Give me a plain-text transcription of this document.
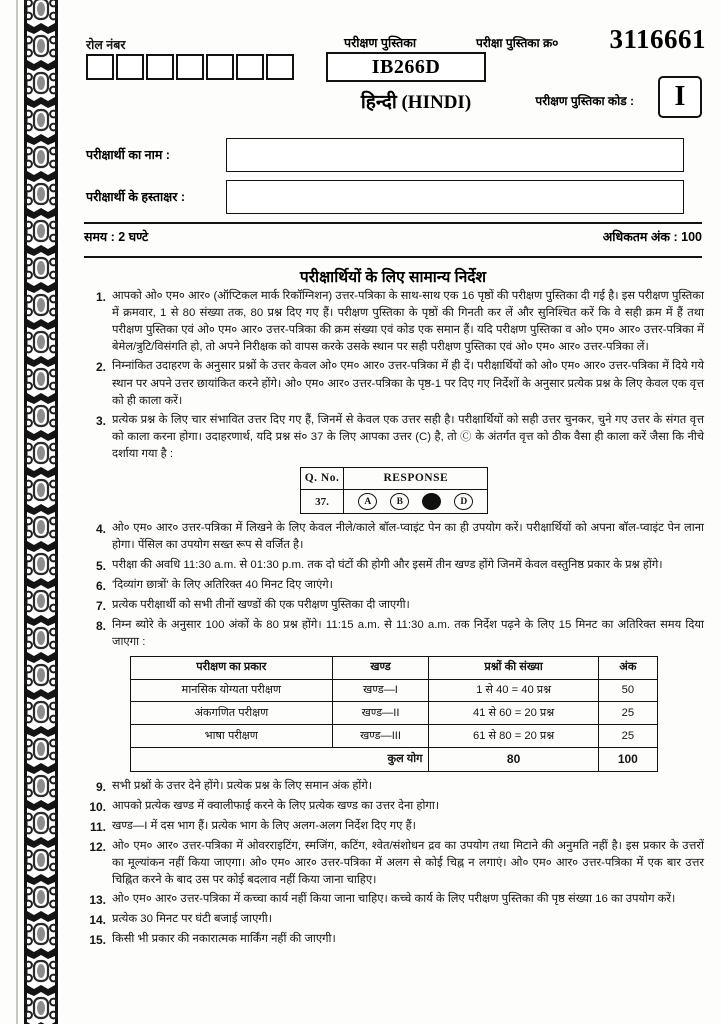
रोल नंबर	परीक्षण पुस्तिका
IB266D
हिन्दी (HINDI)
परीक्षा पुस्तिका क्र० 3116661
परीक्षण पुस्तिका कोड :	I
परीक्षार्थी का नाम :
परीक्षार्थी के हस्ताक्षर :
समय : 2 घण्टे	अधिकतम अंक : 100
परीक्षार्थियों के लिए सामान्य निर्देश
1. आपको ओ० एम० आर० (ऑप्टिकल मार्क रिकॉग्निशन) उत्तर-पत्रिका के साथ-साथ एक 16 पृष्ठों की परीक्षण पुस्तिका दी गई है। इस परीक्षण पुस्तिका में क्रमवार, 1 से 80 संख्या तक, 80 प्रश्न दिए गए हैं। परीक्षण पुस्तिका के पृष्ठों की गिनती कर लें और सुनिश्चित करें कि वे सही क्रम में हैं तथा परीक्षण पुस्तिका एवं ओ० एम० आर० उत्तर-पत्रिका की क्रम संख्या एवं कोड एक समान हैं। यदि परीक्षण पुस्तिका व ओ० एम० आर० उत्तर-पत्रिका में बेमेल/त्रुटि/विसंगति हो, तो अपने निरीक्षक को वापस करके उसके स्थान पर सही परीक्षण पुस्तिका एवं ओ० एम० आर० उत्तर-पत्रिका लें।
2. निम्नांकित उदाहरण के अनुसार प्रश्नों के उत्तर केवल ओ० एम० आर० उत्तर-पत्रिका में ही दें। परीक्षार्थियों को ओ० एम० आर० उत्तर-पत्रिका में दिये गये स्थान पर अपने उत्तर छायांकित करने होंगे। ओ० एम० आर० उत्तर-पत्रिका के पृष्ठ-1 पर दिए गए निर्देशों के अनुसार प्रत्येक प्रश्न के लिए केवल एक वृत्त को ही काला करें।
3. प्रत्येक प्रश्न के लिए चार संभावित उत्तर दिए गए हैं, जिनमें से केवल एक उत्तर सही है। परीक्षार्थियों को सही उत्तर चुनकर, चुने गए उत्तर के संगत वृत्त को काला करना होगा। उदाहरणार्थ, यदि प्रश्न सं० 37 के लिए आपका उत्तर (C) है, तो Ⓒ के अंतर्गत वृत्त को ठीक वैसा ही काला करें जैसा कि नीचे दर्शाया गया है :
Q. No.	RESPONSE
37.	A B D
4. ओ० एम० आर० उत्तर-पत्रिका में लिखने के लिए केवल नीले/काले बॉल-प्वाइंट पेन का ही उपयोग करें। परीक्षार्थियों को अपना बॉल-प्वाइंट पेन लाना होगा। पेंसिल का उपयोग सख्त रूप से वर्जित है।
5. परीक्षा की अवधि 11:30 a.m. से 01:30 p.m. तक दो घंटों की होगी और इसमें तीन खण्ड होंगे जिनमें केवल वस्तुनिष्ठ प्रकार के प्रश्न होंगे।
6. 'दिव्यांग छात्रों' के लिए अतिरिक्त 40 मिनट दिए जाएंगे।
7. प्रत्येक परीक्षार्थी को सभी तीनों खण्डों की एक परीक्षण पुस्तिका दी जाएगी।
8. निम्न ब्योरे के अनुसार 100 अंकों के 80 प्रश्न होंगे। 11:15 a.m. से 11:30 a.m. तक निर्देश पढ़ने के लिए 15 मिनट का अतिरिक्त समय दिया जाएगा :
परीक्षण का प्रकार	खण्ड	प्रश्नों की संख्या	अंक
मानसिक योग्यता परीक्षण	खण्ड—I	1 से 40 = 40 प्रश्न	50
अंकगणित परीक्षण	खण्ड—II	41 से 60 = 20 प्रश्न	25
भाषा परीक्षण	खण्ड—III	61 से 80 = 20 प्रश्न	25
	कुल योग	80	100
9. सभी प्रश्नों के उत्तर देने होंगे। प्रत्येक प्रश्न के लिए समान अंक होंगे।
10. आपको प्रत्येक खण्ड में क्वालीफाई करने के लिए प्रत्येक खण्ड का उत्तर देना होगा।
11. खण्ड—I में दस भाग हैं। प्रत्येक भाग के लिए अलग-अलग निर्देश दिए गए हैं।
12. ओ० एम० आर० उत्तर-पत्रिका में ओवरराइटिंग, स्मजिंग, कटिंग, श्वेत/संशोधन द्रव का उपयोग तथा मिटाने की अनुमति नहीं है। इस प्रकार के उत्तरों का मूल्यांकन नहीं किया जाएगा। ओ० एम० आर० उत्तर-पत्रिका में अलग से कोई चिह्न न लगाएं। ओ० एम० आर० उत्तर-पत्रिका में एक बार उत्तर चिह्नित करने के बाद उस पर कोई बदलाव नहीं किया जाना चाहिए।
13. ओ० एम० आर० उत्तर-पत्रिका में कच्चा कार्य नहीं किया जाना चाहिए। कच्चे कार्य के लिए परीक्षण पुस्तिका की पृष्ठ संख्या 16 का उपयोग करें।
14. प्रत्येक 30 मिनट पर घंटी बजाई जाएगी।
15. किसी भी प्रकार की नकारात्मक मार्किंग नहीं की जाएगी।
